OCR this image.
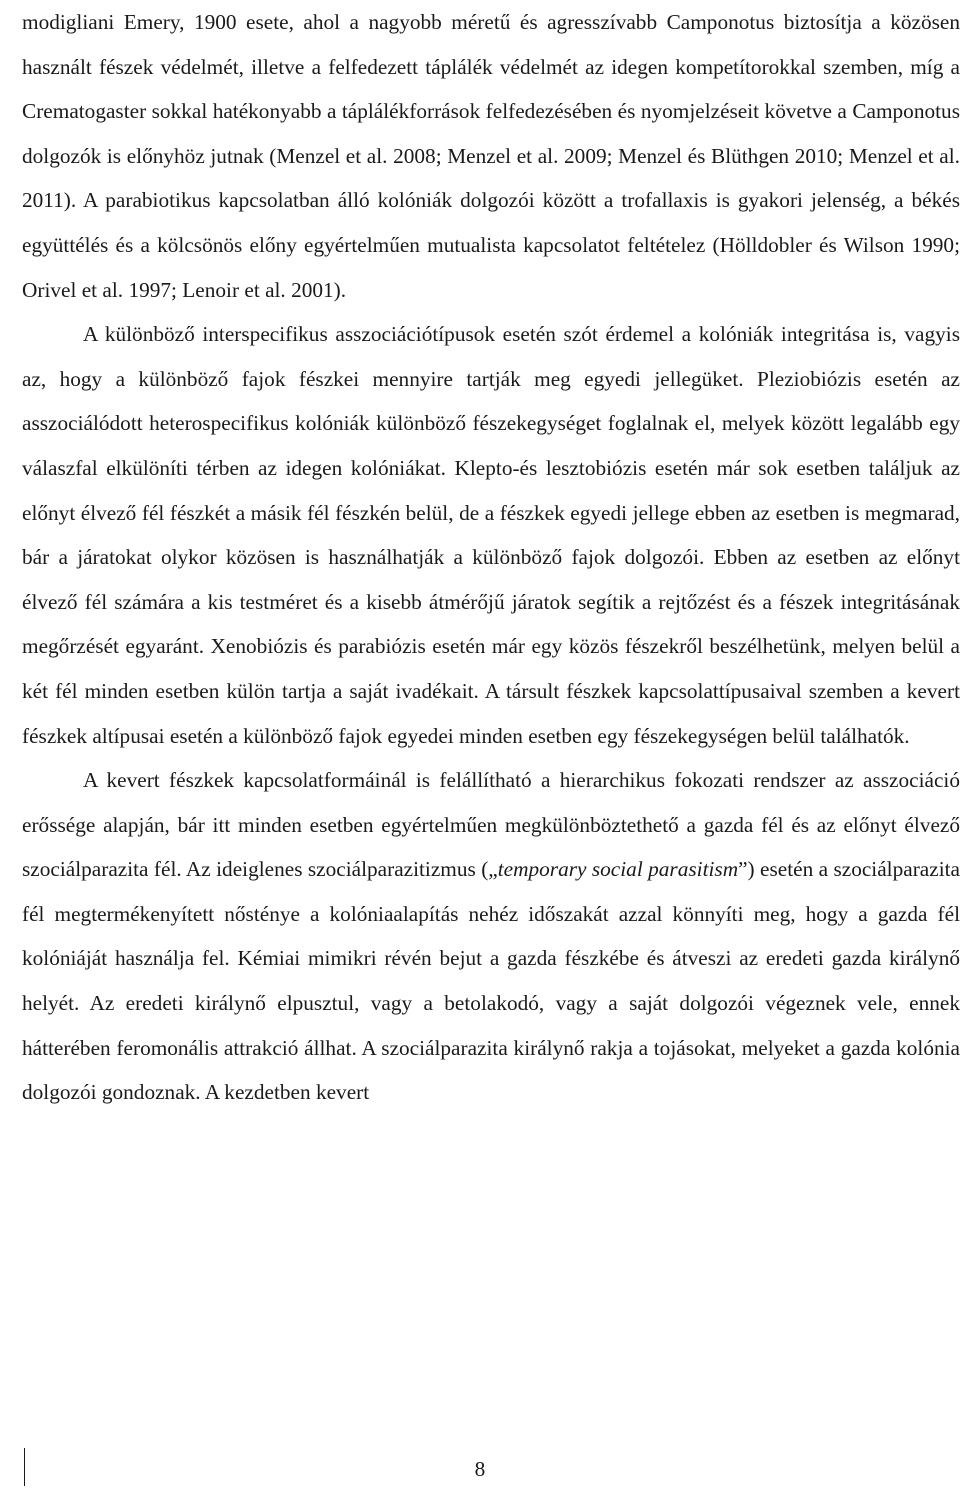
modigliani Emery, 1900 esete, ahol a nagyobb méretű és agresszívabb Camponotus biztosítja a közösen használt fészek védelmét, illetve a felfedezett táplálék védelmét az idegen kompetítorokkal szemben, míg a Crematogaster sokkal hatékonyabb a táplálékforrások felfedezésében és nyomjelzéseit követve a Camponotus dolgozók is előnyhöz jutnak (Menzel et al. 2008; Menzel et al. 2009; Menzel és Blüthgen 2010; Menzel et al. 2011). A parabiotikus kapcsolatban álló kolóniák dolgozói között a trofallaxis is gyakori jelenség, a békés együttélés és a kölcsönös előny egyértelműen mutualista kapcsolatot feltételez (Hölldobler és Wilson 1990; Orivel et al. 1997; Lenoir et al. 2001).

A különböző interspecifikus asszociációtípusok esetén szót érdemel a kolóniák integritása is, vagyis az, hogy a különböző fajok fészkei mennyire tartják meg egyedi jellegüket. Pleziobiózis esetén az asszociálódott heterospecifikus kolóniák különböző fészekegységet foglalnak el, melyek között legalább egy válaszfal elkülöníti térben az idegen kolóniákat. Klepto-és lesztobiózis esetén már sok esetben találjuk az előnyt élvező fél fészkét a másik fél fészkén belül, de a fészkek egyedi jellege ebben az esetben is megmarad, bár a járatokat olykor közösen is használhatják a különböző fajok dolgozói. Ebben az esetben az előnyt élvező fél számára a kis testméret és a kisebb átmérőjű járatok segítik a rejtőzést és a fészek integritásának megőrzését egyaránt. Xenobiózis és parabiózis esetén már egy közös fészekről beszélhetünk, melyen belül a két fél minden esetben külön tartja a saját ivadékait. A társult fészkek kapcsolattípusaival szemben a kevert fészkek altípusai esetén a különböző fajok egyedei minden esetben egy fészekegységen belül találhatók.

A kevert fészkek kapcsolatformáinál is felállítható a hierarchikus fokozati rendszer az asszociáció erőssége alapján, bár itt minden esetben egyértelműen megkülönböztethető a gazda fél és az előnyt élvező szociálparazita fél. Az ideiglenes szociálparazitizmus („temporary social parasitism”) esetén a szociálparazita fél megtermékenyített nőstényе a kolóniaalapítás nehéz időszakát azzal könnyíti meg, hogy a gazda fél kolóniáját használja fel. Kémiai mimikri révén bejut a gazda fészkébe és átveszi az eredeti gazda királynő helyét. Az eredeti királynő elpusztul, vagy a betolakodó, vagy a saját dolgozói végeznek vele, ennek hátterében feromonális attrakció állhat. A szociálparazita királynő rakja a tojásokat, melyeket a gazda kolónia dolgozói gondoznak. A kezdetben kevert

8
